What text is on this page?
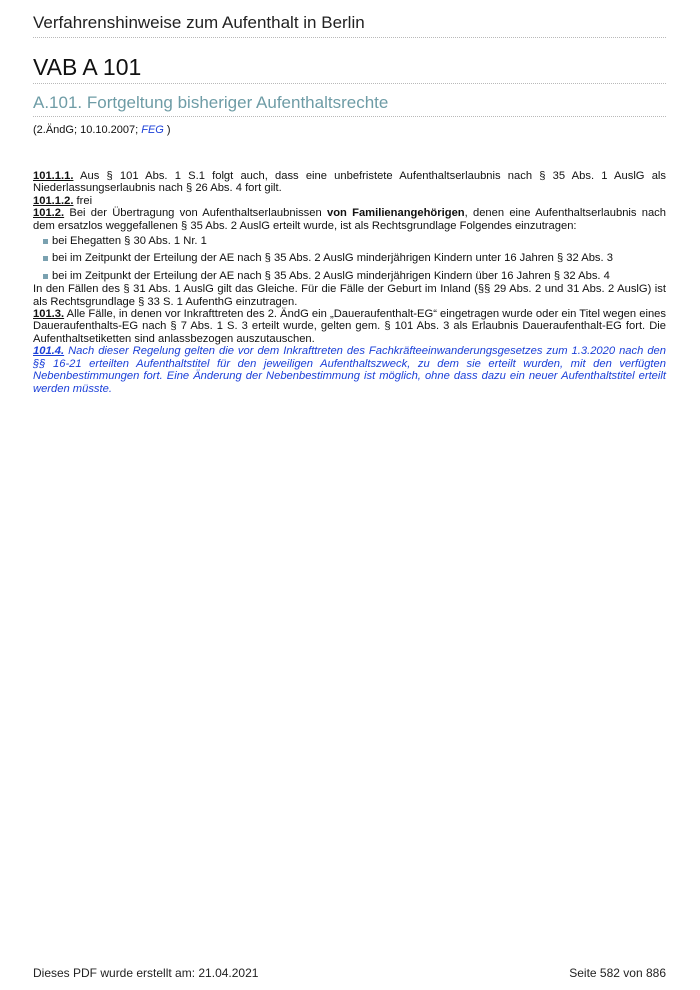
Verfahrenshinweise zum Aufenthalt in Berlin
VAB A 101
A.101. Fortgeltung bisheriger Aufenthaltsrechte
(2.ÄndG; 10.10.2007; FEG )

101.1.1. Aus § 101 Abs. 1 S.1 folgt auch, dass eine unbefristete Aufenthaltserlaubnis nach § 35 Abs. 1 AuslG als Niederlassungserlaubnis nach § 26 Abs. 4 fort gilt.

101.1.2. frei

101.2. Bei der Übertragung von Aufenthaltserlaubnissen von Familienangehörigen, denen eine Aufenthaltserlaubnis nach dem ersatzlos weggefallenen § 35 Abs. 2 AuslG erteilt wurde, ist als Rechtsgrundlage Folgendes einzutragen:

bei Ehegatten § 30 Abs. 1 Nr. 1
bei im Zeitpunkt der Erteilung der AE nach § 35 Abs. 2 AuslG minderjährigen Kindern unter 16 Jahren § 32 Abs. 3
bei im Zeitpunkt der Erteilung der AE nach § 35 Abs. 2 AuslG minderjährigen Kindern über 16 Jahren § 32 Abs. 4

In den Fällen des § 31 Abs. 1 AuslG gilt das Gleiche. Für die Fälle der Geburt im Inland (§§ 29 Abs. 2 und 31 Abs. 2 AuslG) ist als Rechtsgrundlage § 33 S. 1 AufenthG einzutragen.

101.3. Alle Fälle, in denen vor Inkrafttreten des 2. ÄndG ein „Daueraufenthalt-EG“ eingetragen wurde oder ein Titel wegen eines Daueraufenthalts-EG nach § 7 Abs. 1 S. 3 erteilt wurde, gelten gem. § 101 Abs. 3 als Erlaubnis Daueraufenthalt-EG fort. Die Aufenthaltsetiketten sind anlassbezogen auszutauschen.

101.4. Nach dieser Regelung gelten die vor dem Inkrafttreten des Fachkräfteeinwanderungsgesetzes zum 1.3.2020 nach den §§ 16-21 erteilten Aufenthaltstitel für den jeweiligen Aufenthaltszweck, zu dem sie erteilt wurden, mit den verfügten Nebenbestimmungen fort. Eine Änderung der Nebenbestimmung ist möglich, ohne dass dazu ein neuer Aufenthaltstitel erteilt werden müsste.

Dieses PDF wurde erstellt am: 21.04.2021	Seite 582 von 886
